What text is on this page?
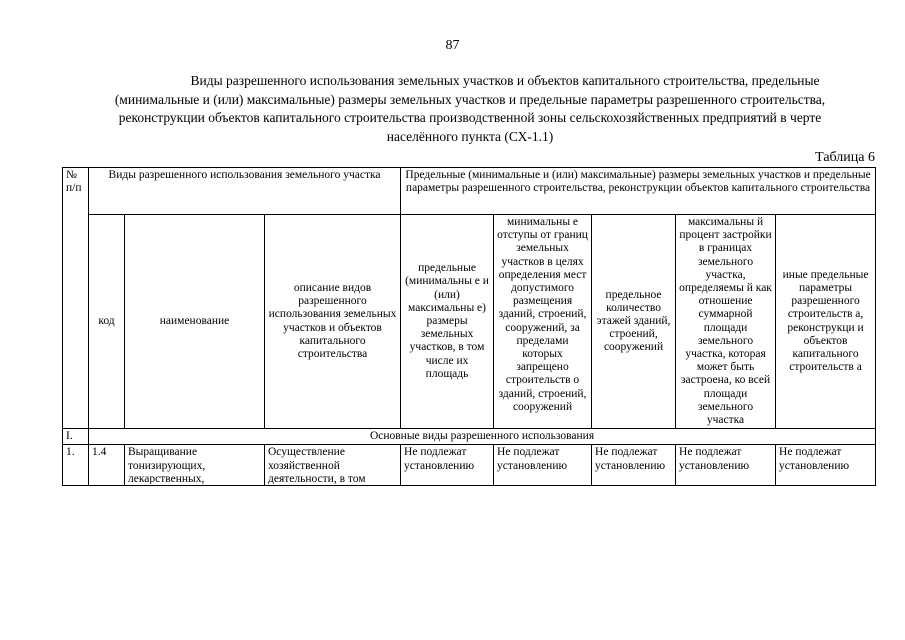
87
Виды разрешенного использования земельных участков и объектов капитального строительства, предельные
(минимальные и (или) максимальные) размеры земельных участков и предельные параметры разрешенного строительства,
реконструкции объектов капитального строительства производственной зоны сельскохозяйственных предприятий в черте
населённого пункта (СХ-1.1)
Таблица 6
№ п/п	Виды разрешенного использования земельного участка			Предельные (минимальные и (или) максимальные) размеры земельных участков и предельные параметры разрешенного строительства, реконструкции объектов капитального строительства				
	код	наименование	описание видов разрешенного использования земельных участков и объектов капитального строительства	предельные (минимальны е и (или) максимальны е) размеры земельных участков, в том числе их площадь	минимальны е отступы от границ земельных участков в целях определения мест допустимого размещения зданий, строений, сооружений, за пределами которых запрещено строительств о зданий, строений, сооружений	предельное количество этажей зданий, строений, сооружений	максимальны й процент застройки в границах земельного участка, определяемы й как отношение суммарной площади земельного участка, которая может быть застроена, ко всей площади земельного участка	иные предельные параметры разрешенного строительств а, реконструкци и объектов капитального строительств а
I.	Основные виды разрешенного использования							

1.	1.4	Выращивание тонизирующих, лекарственных,	Осуществление хозяйственной деятельности, в том	Не подлежат установлению	Не подлежат установлению	Не подлежат установлению	Не подлежат установлению	Не подлежат установлению
